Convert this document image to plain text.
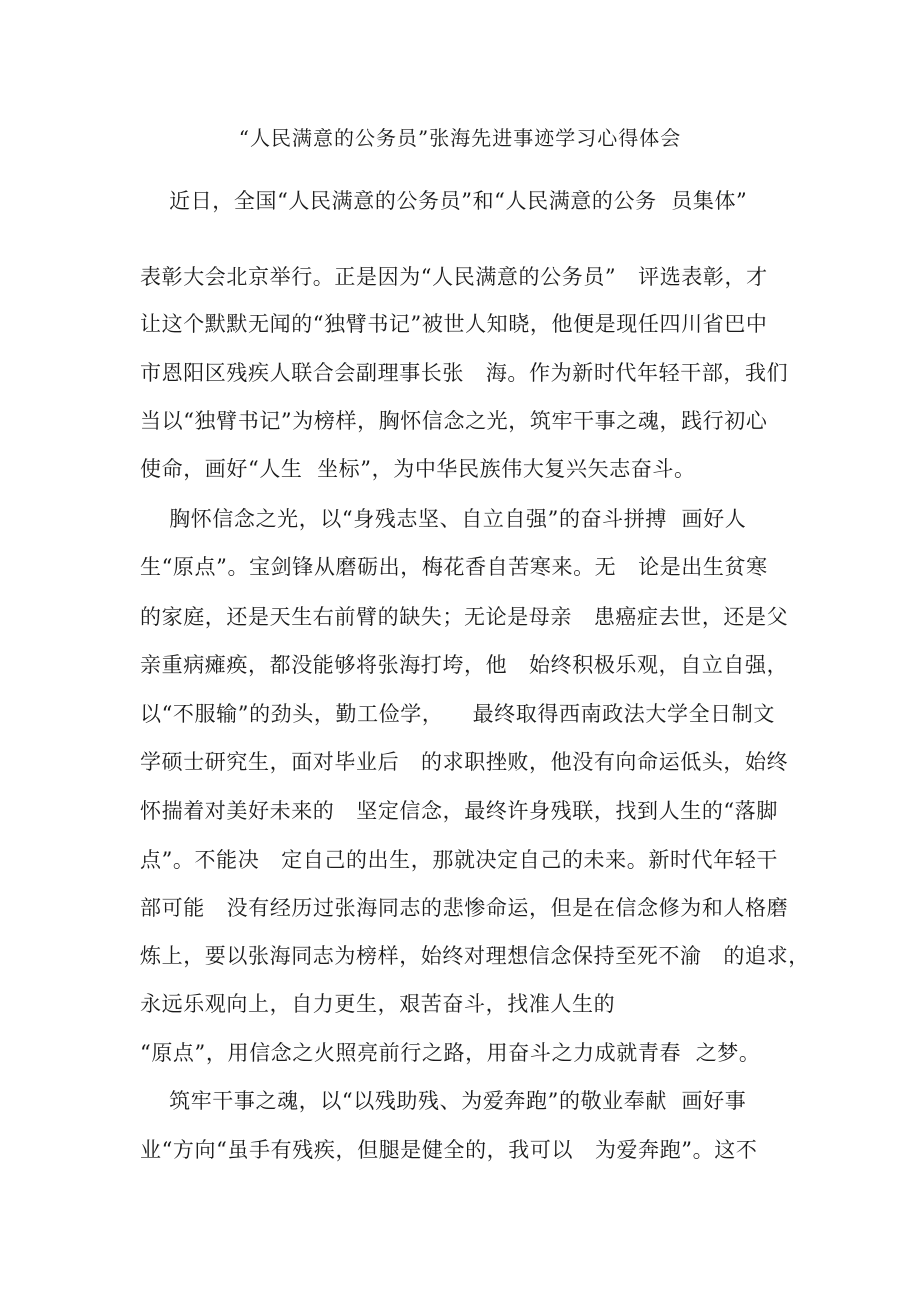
“人民满意的公务员”张海先进事迹学习心得体会
近日，全国“人民满意的公务员”和“人民满意的公务  员集体”
表彰大会北京举行。正是因为“人民满意的公务员”   评选表彰，才
让这个默默无闻的“独臂书记”被世人知晓，他便是现任四川省巴中
市恩阳区残疾人联合会副理事长张   海。作为新时代年轻干部，我们
当以“独臂书记”为榜样，胸怀信念之光，筑牢干事之魂，践行初心
使命，画好“人生  坐标”，为中华民族伟大复兴矢志奋斗。
胸怀信念之光，以“身残志坚、自立自强”的奋斗拼搏  画好人
生“原点”。宝剑锋从磨砺出，梅花香自苦寒来。无   论是出生贫寒
的家庭，还是天生右前臂的缺失；无论是母亲   患癌症去世，还是父
亲重病瘫痪，都没能够将张海打垮，他   始终积极乐观，自立自强，
以“不服输”的劲头，勤工俭学，    最终取得西南政法大学全日制文
学硕士研究生，面对毕业后   的求职挫败，他没有向命运低头，始终
怀揣着对美好未来的   坚定信念，最终许身残联，找到人生的“落脚
点”。不能决   定自己的出生，那就决定自己的未来。新时代年轻干
部可能   没有经历过张海同志的悲惨命运，但是在信念修为和人格磨
炼上，要以张海同志为榜样，始终对理想信念保持至死不渝   的追求，
永远乐观向上，自力更生，艰苦奋斗，找准人生的
“原点”，用信念之火照亮前行之路，用奋斗之力成就青春  之梦。
筑牢干事之魂，以“以残助残、为爱奔跑”的敬业奉献  画好事
业“方向“虽手有残疾，但腿是健全的，我可以   为爱奔跑”。这不
